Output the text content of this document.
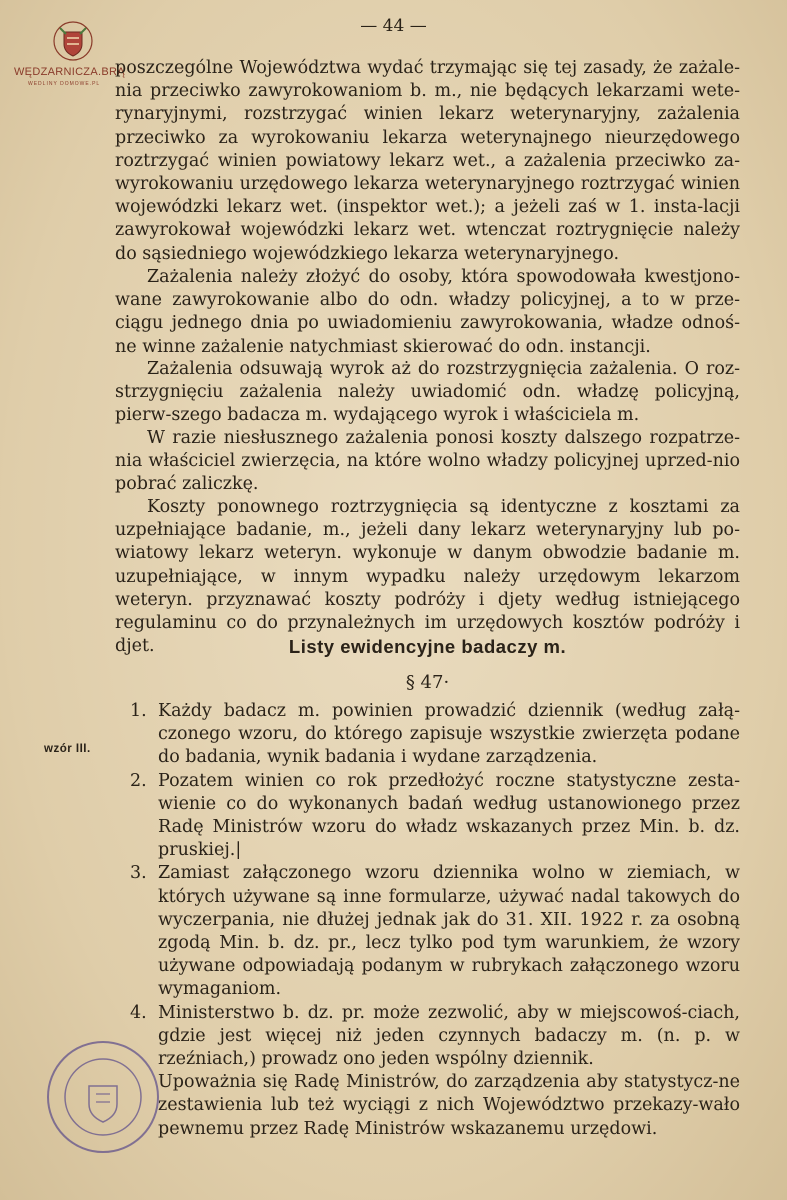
WĘDZARNICZA.BRĄ
WEDLINY DOMOWE.PL
— 44 —

poszczególne Województwa wydać trzymając się tej zasady, że zażale-nia przeciwko zawyrokowaniom b. m., nie będących lekarzami wete-rynaryjnymi, rozstrzygać winien lekarz weterynaryjny, zażalenia przeciwko za wyrokowaniu lekarza weterynajnego nieurzędowego roztrzygać winien powiatowy lekarz wet., a zażalenia przeciwko za-wyrokowaniu urzędowego lekarza weterynaryjnego roztrzygać winien wojewódzki lekarz wet. (inspektor wet.); a jeżeli zaś w 1. insta-lacji zawyrokował wojewódzki lekarz wet. wtenczat roztrygnięcie należy do sąsiedniego wojewódzkiego lekarza weterynaryjnego.

Zażalenia należy złożyć do osoby, która spowodowała kwestjono-wane zawyrokowanie albo do odn. władzy policyjnej, a to w prze-ciągu jednego dnia po uwiadomieniu zawyrokowania, władze odnoś-ne winne zażalenie natychmiast skierować do odn. instancji.

Zażalenia odsuwają wyrok aż do rozstrzygnięcia zażalenia. O roz-strzygnięciu zażalenia należy uwiadomić odn. władzę policyjną, pierw-szego badacza m. wydającego wyrok i właściciela m.

W razie niesłusznego zażalenia ponosi koszty dalszego rozpatrze-nia właściciel zwierzęcia, na które wolno władzy policyjnej uprzed-nio pobrać zaliczkę.

Koszty ponownego roztrzygnięcia są identyczne z kosztami za uzpełniające badanie, m., jeżeli dany lekarz weterynaryjny lub po-wiatowy lekarz weteryn. wykonuje w danym obwodzie badanie m. uzupełniające, w innym wypadku należy urzędowym lekarzom weteryn. przyznawać koszty podróży i djety według istniejącego regulaminu co do przynależnych im urzędowych kosztów podróży i djet.	Listy ewidencyjne badaczy m.
§ 47·
wzór III.
1. Każdy badacz m. powinien prowadzić dziennik (według załą-czonego wzoru, do którego zapisuje wszystkie zwierzęta podane do badania, wynik badania i wydane zarządzenia.
2. Pozatem winien co rok przedłożyć roczne statystyczne zesta-wienie co do wykonanych badań według ustanowionego przez Radę Ministrów wzoru do władz wskazanych przez Min. b. dz. pruskiej.|
3. Zamiast załączonego wzoru dziennika wolno w ziemiach, w których używane są inne formularze, używać nadal takowych do wyczerpania, nie dłużej jednak jak do 31. XII. 1922 r. za osobną zgodą Min. b. dz. pr., lecz tylko pod tym warunkiem, że wzory używane odpowiadają podanym w rubrykach załączonego wzoru wymaganiom.
4. Ministerstwo b. dz. pr. może zezwolić, aby w miejscowoś-ciach, gdzie jest więcej niż jeden czynnych badaczy m. (n. p. w rzeźniach,) prowadz ono jeden wspólny dziennik.
Upoważnia się Radę Ministrów, do zarządzenia aby statystycz-ne zestawienia lub też wyciągi z nich Województwo przekazy-wało pewnemu przez Radę Ministrów wskazanemu urzędowi.
